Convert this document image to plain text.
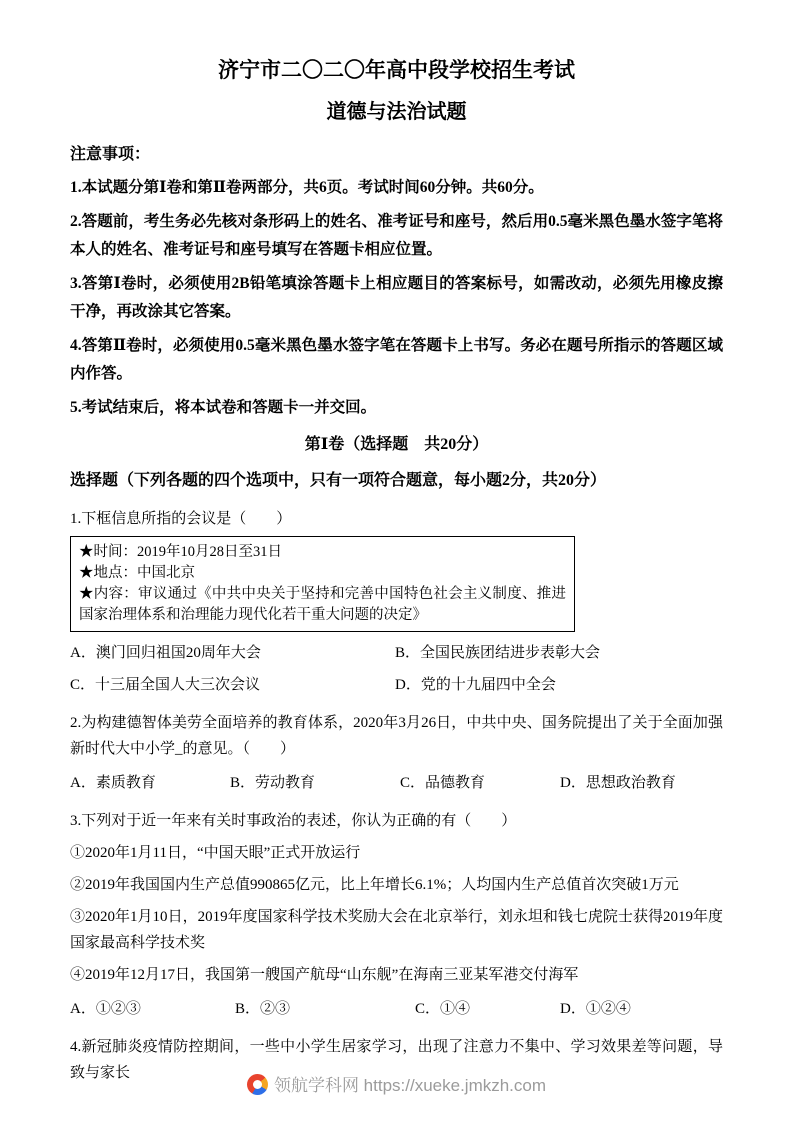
济宁市二〇二〇年高中段学校招生考试
道德与法治试题
注意事项：

1.本试题分第Ⅰ卷和第Ⅱ卷两部分，共6页。考试时间60分钟。共60分。

2.答题前，考生务必先核对条形码上的姓名、准考证号和座号，然后用0.5毫米黑色墨水签字笔将本人的姓名、准考证号和座号填写在答题卡相应位置。

3.答第Ⅰ卷时，必须使用2B铅笔填涂答题卡上相应题目的答案标号，如需改动，必须先用橡皮擦干净，再改涂其它答案。

4.答第Ⅱ卷时，必须使用0.5毫米黑色墨水签字笔在答题卡上书写。务必在题号所指示的答题区域内作答。

5.考试结束后，将本试卷和答题卡一并交回。

第Ⅰ卷（选择题　共20分）
选择题（下列各题的四个选项中，只有一项符合题意，每小题2分，共20分）

1.下框信息所指的会议是（　　）

★时间：2019年10月28日至31日

★地点：中国北京

★内容：审议通过《中共中央关于坚持和完善中国特色社会主义制度、推进国家治理体系和治理能力现代化若干重大问题的决定》

A．澳门回归祖国20周年大会	B．全国民族团结进步表彰大会
C．十三届全国人大三次会议	D．党的十九届四中全会

2.为构建德智体美劳全面培养的教育体系，2020年3月26日，中共中央、国务院提出了关于全面加强新时代大中小学_的意见。（　　）

A．素质教育	B．劳动教育	C．品德教育	D．思想政治教育

3.下列对于近一年来有关时事政治的表述，你认为正确的有（　　）

①2020年1月11日，“中国天眼”正式开放运行

②2019年我国国内生产总值990865亿元，比上年增长6.1%；人均国内生产总值首次突破1万元

③2020年1月10日，2019年度国家科学技术奖励大会在北京举行，刘永坦和钱七虎院士获得2019年度国家最高科学技术奖

④2019年12月17日，我国第一艘国产航母“山东舰”在海南三亚某军港交付海军

A．①②③	B．②③	C．①④	D．①②④

4.新冠肺炎疫情防控期间，一些中小学生居家学习，出现了注意力不集中、学习效果差等问题，导致与家长

领航学科网 https://xueke.jmkzh.com
